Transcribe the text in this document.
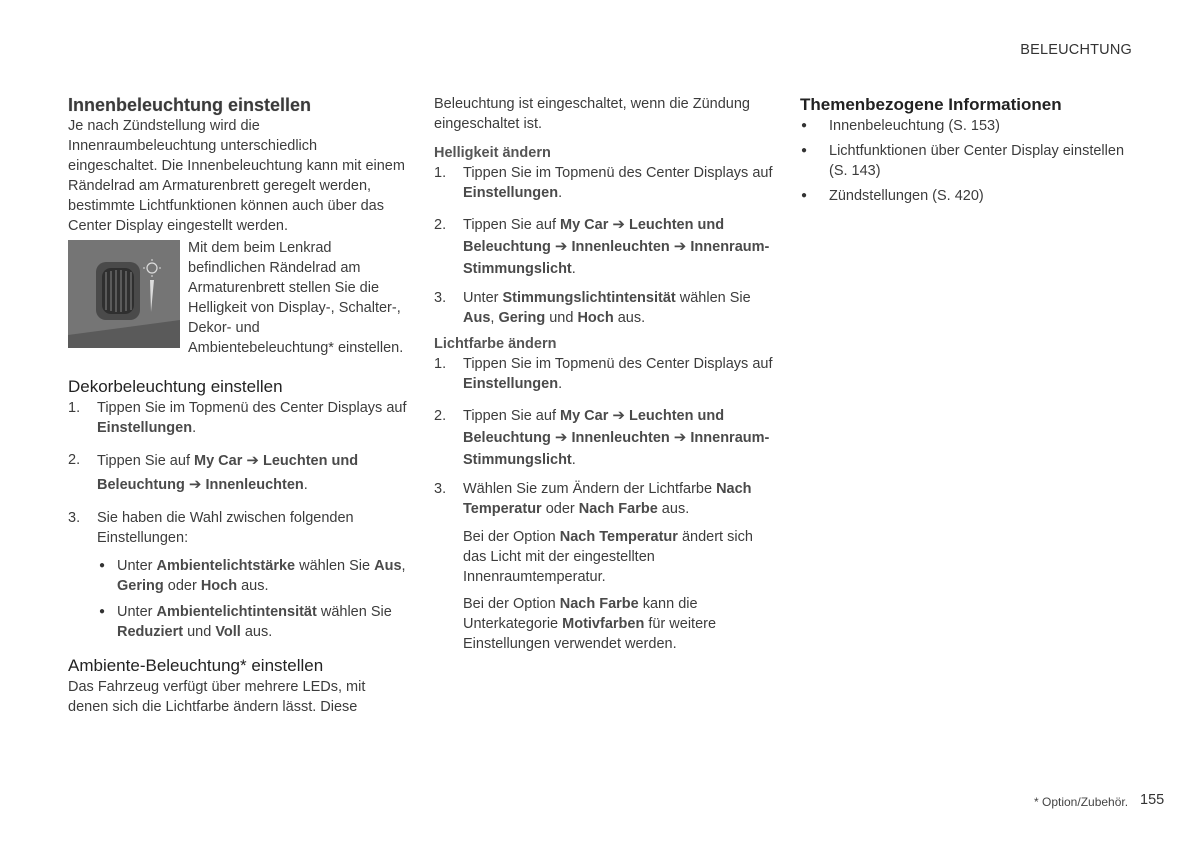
BELEUCHTUNG
Innenbeleuchtung einstellen

Je nach Zündstellung wird die Innenraumbeleuchtung unterschiedlich eingeschaltet. Die Innenbeleuchtung kann mit einem Rändelrad am Armaturenbrett geregelt werden, bestimmte Lichtfunktionen können auch über das Center Display eingestellt werden.

Mit dem beim Lenkrad befindlichen Rändelrad am Armaturenbrett stellen Sie die Helligkeit von Display-, Schalter-, Dekor- und Ambientebeleuchtung* einstellen.

Dekorbeleuchtung einstellen
1. Tippen Sie im Topmenü des Center Displays auf Einstellungen.
2. Tippen Sie auf My Car ➔ Leuchten und Beleuchtung ➔ Innenleuchten.
3. Sie haben die Wahl zwischen folgenden Einstellungen:
● Unter Ambientelichtstärke wählen Sie Aus, Gering oder Hoch aus.
● Unter Ambientelichtintensität wählen Sie Reduziert und Voll aus.
Ambiente-Beleuchtung* einstellen

Das Fahrzeug verfügt über mehrere LEDs, mit denen sich die Lichtfarbe ändern lässt. Diese

Beleuchtung ist eingeschaltet, wenn die Zündung eingeschaltet ist.

Helligkeit ändern
1. Tippen Sie im Topmenü des Center Displays auf Einstellungen.
2. Tippen Sie auf My Car ➔ Leuchten und Beleuchtung ➔ Innenleuchten ➔ Innenraum-Stimmungslicht.
3. Unter Stimmungslichtintensität wählen Sie Aus, Gering und Hoch aus.
Lichtfarbe ändern
1. Tippen Sie im Topmenü des Center Displays auf Einstellungen.
2. Tippen Sie auf My Car ➔ Leuchten und Beleuchtung ➔ Innenleuchten ➔ Innenraum-Stimmungslicht.
3. Wählen Sie zum Ändern der Lichtfarbe Nach Temperatur oder Nach Farbe aus.

Bei der Option Nach Temperatur ändert sich das Licht mit der eingestellten Innenraumtemperatur.

Bei der Option Nach Farbe kann die Unterkategorie Motivfarben für weitere Einstellungen verwendet werden.

Themenbezogene Informationen
● Innenbeleuchtung (S. 153)
● Lichtfunktionen über Center Display einstellen (S. 143)
● Zündstellungen (S. 420)
* Option/Zubehör. 155
